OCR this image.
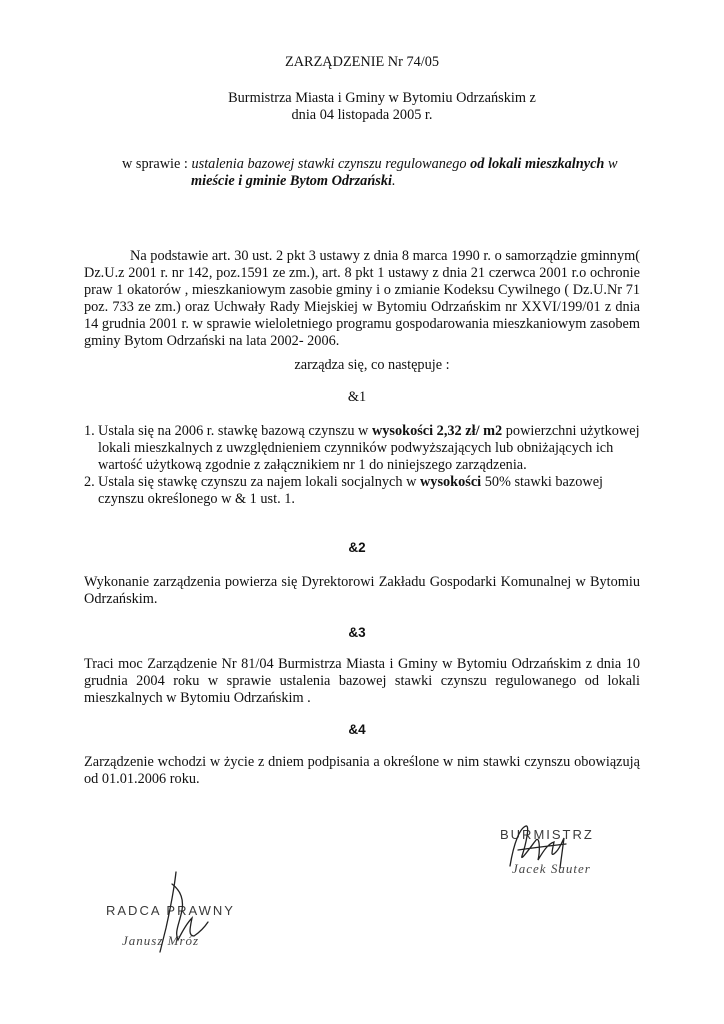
ZARZĄDZENIE Nr 74/05
Burmistrza Miasta i Gminy w Bytomiu Odrzańskim z
dnia 04 listopada 2005 r.
w sprawie : ustalenia bazowej stawki czynszu regulowanego od lokali mieszkalnych w
mieście i gminie Bytom Odrzański.
Na podstawie art. 30 ust. 2 pkt 3 ustawy z dnia 8 marca 1990 r. o samorządzie gminnym( Dz.U.z 2001 r. nr 142, poz.1591 ze zm.), art. 8 pkt 1 ustawy z dnia 21 czerwca 2001 r.o ochronie praw 1 okatorów , mieszkaniowym zasobie gminy i o zmianie Kodeksu Cywilnego ( Dz.U.Nr 71 poz. 733 ze zm.) oraz Uchwały Rady Miejskiej w Bytomiu Odrzańskim nr XXVI/199/01 z dnia 14 grudnia 2001 r. w sprawie wieloletniego programu gospodarowania mieszkaniowym zasobem gminy Bytom Odrzański na lata 2002- 2006.
zarządza się, co następuje :
&1
1. Ustala się na 2006 r. stawkę bazową czynszu w wysokości 2,32 zł/ m2 powierzchni użytkowej lokali mieszkalnych z uwzględnieniem czynników podwyższających lub obniżających ich wartość użytkową zgodnie z załącznikiem nr 1 do niniejszego zarządzenia.
2. Ustala się stawkę czynszu za najem lokali socjalnych w wysokości 50% stawki bazowej czynszu określonego w & 1 ust. 1.
&2
Wykonanie zarządzenia powierza się Dyrektorowi Zakładu Gospodarki Komunalnej w Bytomiu Odrzańskim.
&3
Traci moc Zarządzenie Nr 81/04 Burmistrza Miasta i Gminy w Bytomiu Odrzańskim z dnia 10 grudnia 2004 roku w sprawie ustalenia bazowej stawki czynszu regulowanego od lokali mieszkalnych w Bytomiu Odrzańskim .
&4
Zarządzenie wchodzi w życie z dniem podpisania a określone w nim stawki czynszu obowiązują od 01.01.2006 roku.
BURMISTRZ
Jacek Sauter
RADCA PRAWNY
Janusz Mróz
